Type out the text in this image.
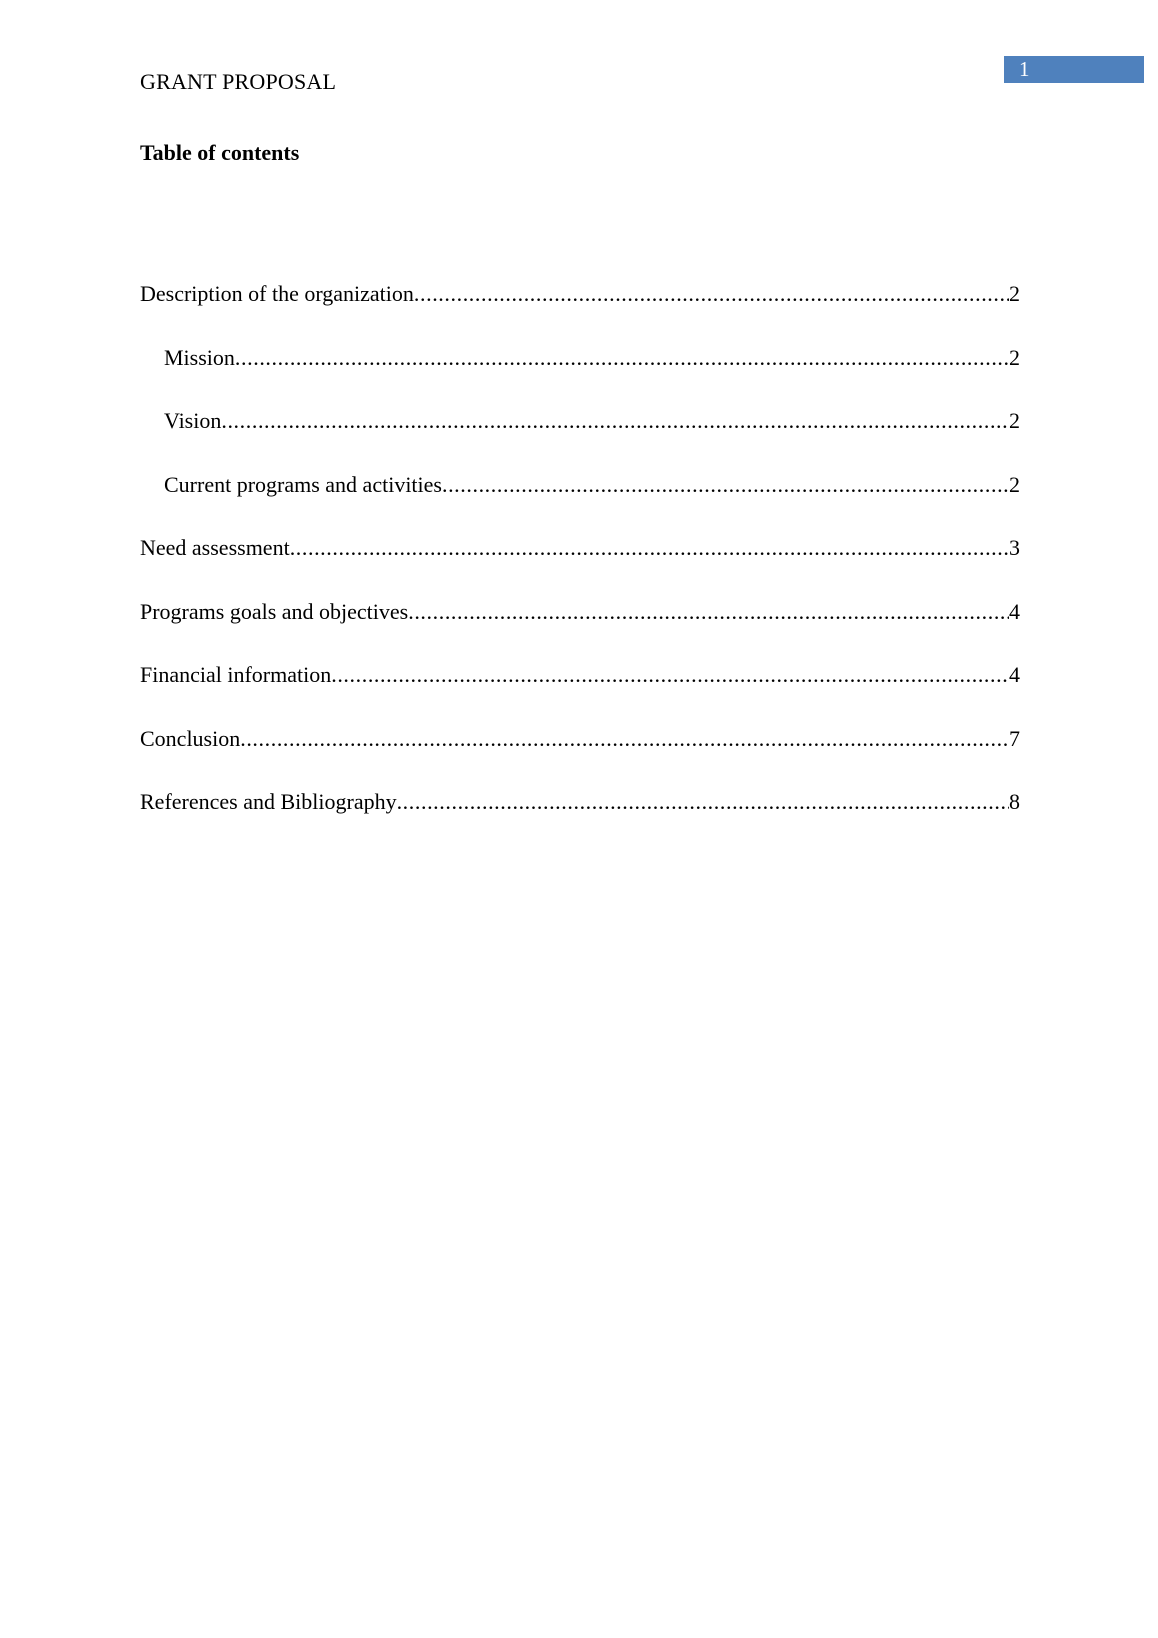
1
GRANT PROPOSAL
Table of contents
Description of the organization .....	2
Mission .....	2
Vision .....	2
Current programs and activities .....	2
Need assessment .....	3
Programs goals and objectives .....	4
Financial information .....	4
Conclusion .....	7
References and Bibliography .....	8
